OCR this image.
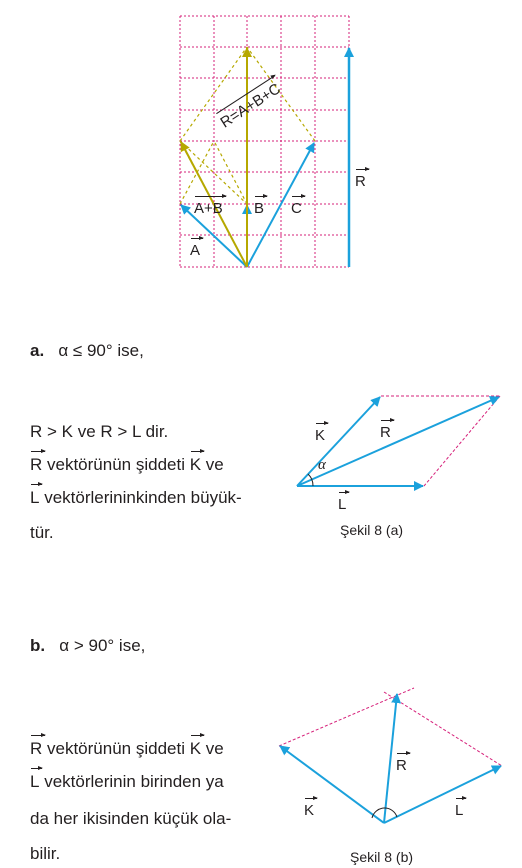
A
A+B B C
R
R=A+B+C
a. α ≤ 90° ise,
R > K ve R > L dir.
R vektörünün şiddeti K ve
L vektörlerininkinden büyük-
tür.
K	R
α
L
Şekil 8 (a)
b. α > 90° ise,
R vektörünün şiddeti K ve
L vektörlerinin birinden ya
da her ikisinden küçük ola-
bilir.
K
R
L
Şekil 8 (b)
